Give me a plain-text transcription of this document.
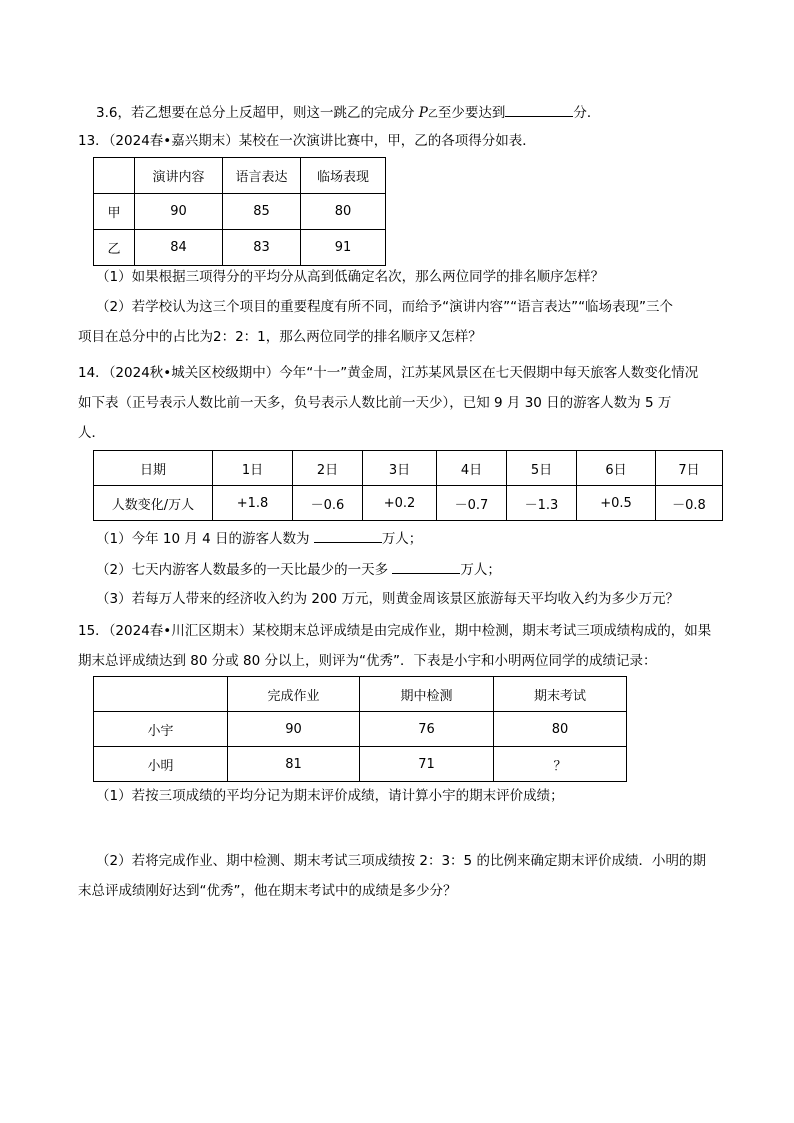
3.6，若乙想要在总分上反超甲，则这一跳乙的完成分 P乙至少要达到	分．
13．（2024春•嘉兴期末）某校在一次演讲比赛中，甲，乙的各项得分如表．
	演讲内容	语言表达	临场表现
甲	90	85	80
乙	84	83	91
（1）如果根据三项得分的平均分从高到低确定名次，那么两位同学的排名顺序怎样？
（2）若学校认为这三个项目的重要程度有所不同，而给予“演讲内容”“语言表达”“临场表现”三个
项目在总分中的占比为2：2：1，那么两位同学的排名顺序又怎样？
14．（2024秋•城关区校级期中）今年“十一”黄金周，江苏某风景区在七天假期中每天旅客人数变化情况
如下表（正号表示人数比前一天多，负号表示人数比前一天少），已知 9 月 30 日的游客人数为 5 万
人．
日期	1日	2日	3日	4日	5日	6日	7日
人数变化/万人	+1.8	－0.6	+0.2	－0.7	－1.3	+0.5	－0.8
（1）今年 10 月 4 日的游客人数为	万人；
（2）七天内游客人数最多的一天比最少的一天多	万人；
（3）若每万人带来的经济收入约为 200 万元，则黄金周该景区旅游每天平均收入约为多少万元？
15．（2024春•川汇区期末）某校期末总评成绩是由完成作业，期中检测，期末考试三项成绩构成的，如果
期末总评成绩达到 80 分或 80 分以上，则评为“优秀”．下表是小宇和小明两位同学的成绩记录：
	完成作业	期中检测	期末考试
小宇	90	76	80
小明	81	71	？
（1）若按三项成绩的平均分记为期末评价成绩，请计算小宇的期末评价成绩；
（2）若将完成作业、期中检测、期末考试三项成绩按 2：3：5 的比例来确定期末评价成绩．小明的期
末总评成绩刚好达到“优秀”，他在期末考试中的成绩是多少分？
